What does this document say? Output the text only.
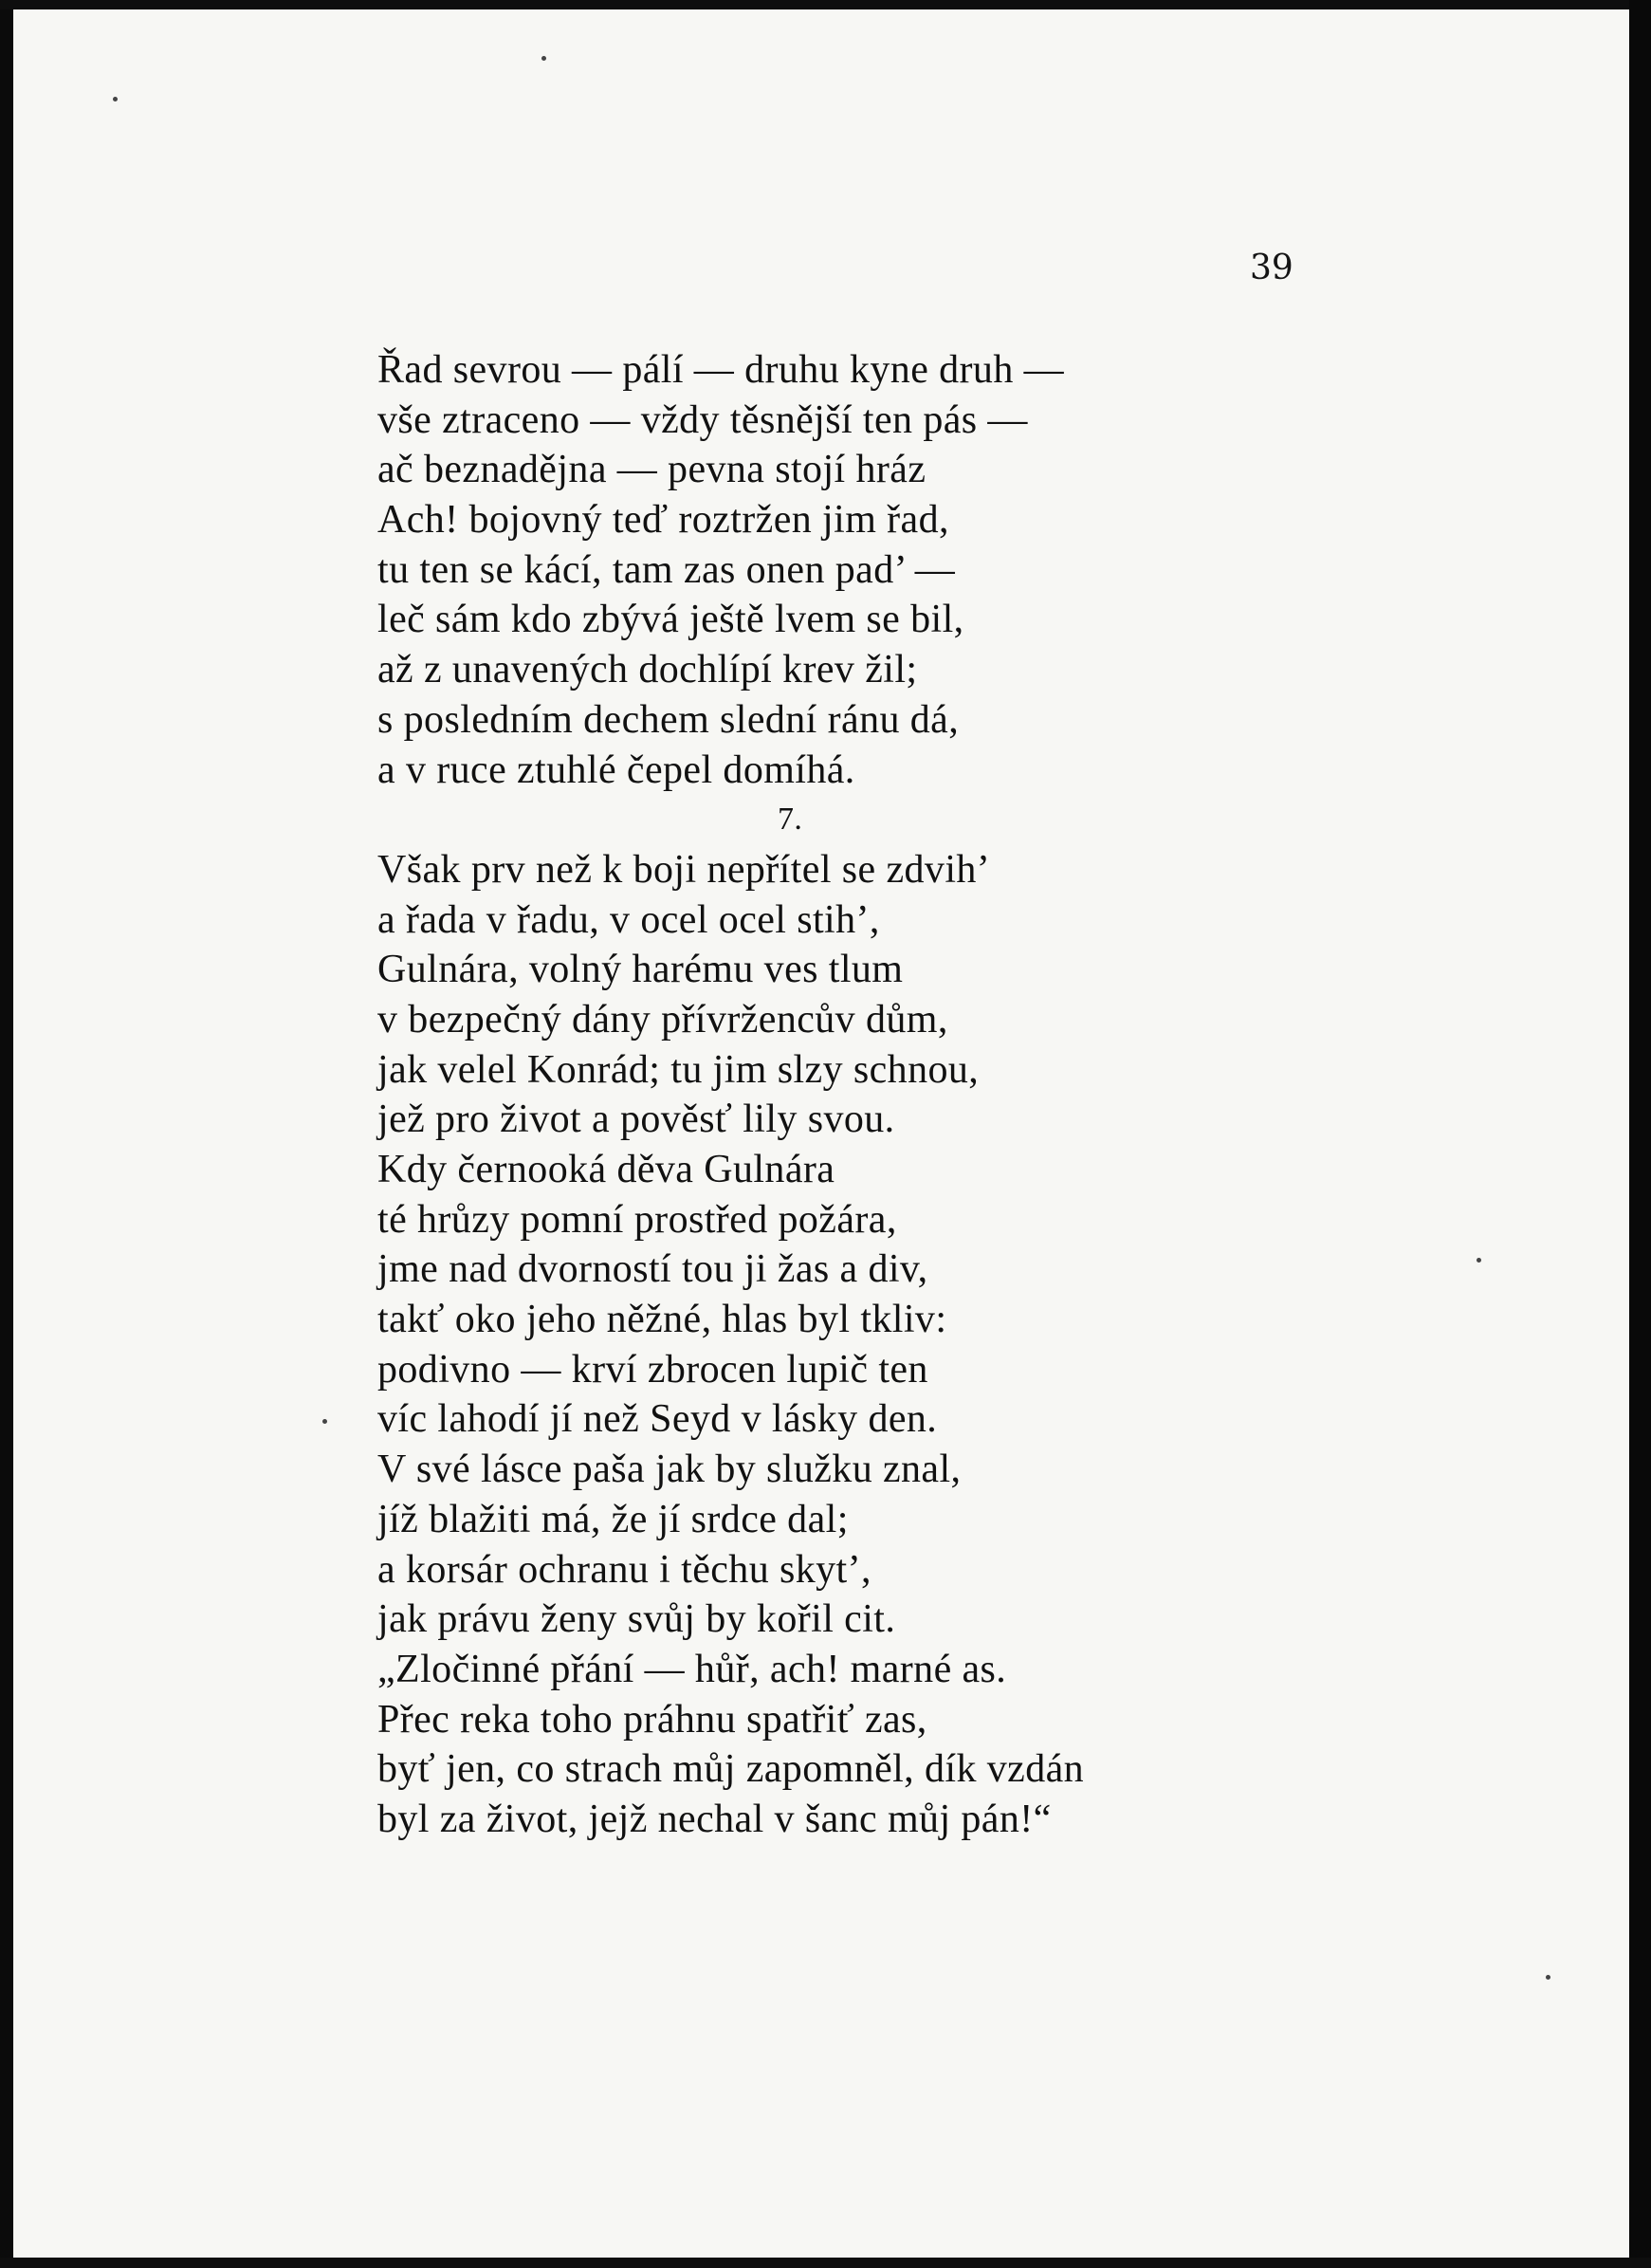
39
Řad sevrou — pálí — druhu kyne druh —
vše ztraceno — vždy těsnější ten pás —
ač beznadějna — pevna stojí hráz
Ach! bojovný teď roztržen jim řad,
tu ten se kácí, tam zas onen pad’ —
leč sám kdo zbývá ještě lvem se bil,
až z unavených dochlípí krev žil;
s posledním dechem slední ránu dá,
a v ruce ztuhlé čepel domíhá.
7.
Však prv než k boji nepřítel se zdvih’
a řada v řadu, v ocel ocel stih’,
Gulnára, volný harému ves tlum
v bezpečný dány přívržencův dům,
jak velel Konrád; tu jim slzy schnou,
jež pro život a pověsť lily svou.
Kdy černooká děva Gulnára
té hrůzy pomní prostřed požára,
jme nad dvorností tou ji žas a div,
takť oko jeho něžné, hlas byl tkliv:
podivno — krví zbrocen lupič ten
víc lahodí jí než Seyd v lásky den.
V své lásce paša jak by služku znal,
jíž blažiti má, že jí srdce dal;
a korsár ochranu i těchu skyt’,
jak právu ženy svůj by kořil cit.
„Zločinné přání — hůř, ach! marné as.
Přec reka toho práhnu spatřiť zas,
byť jen, co strach můj zapomněl, dík vzdán
byl za život, jejž nechal v šanc můj pán!“
